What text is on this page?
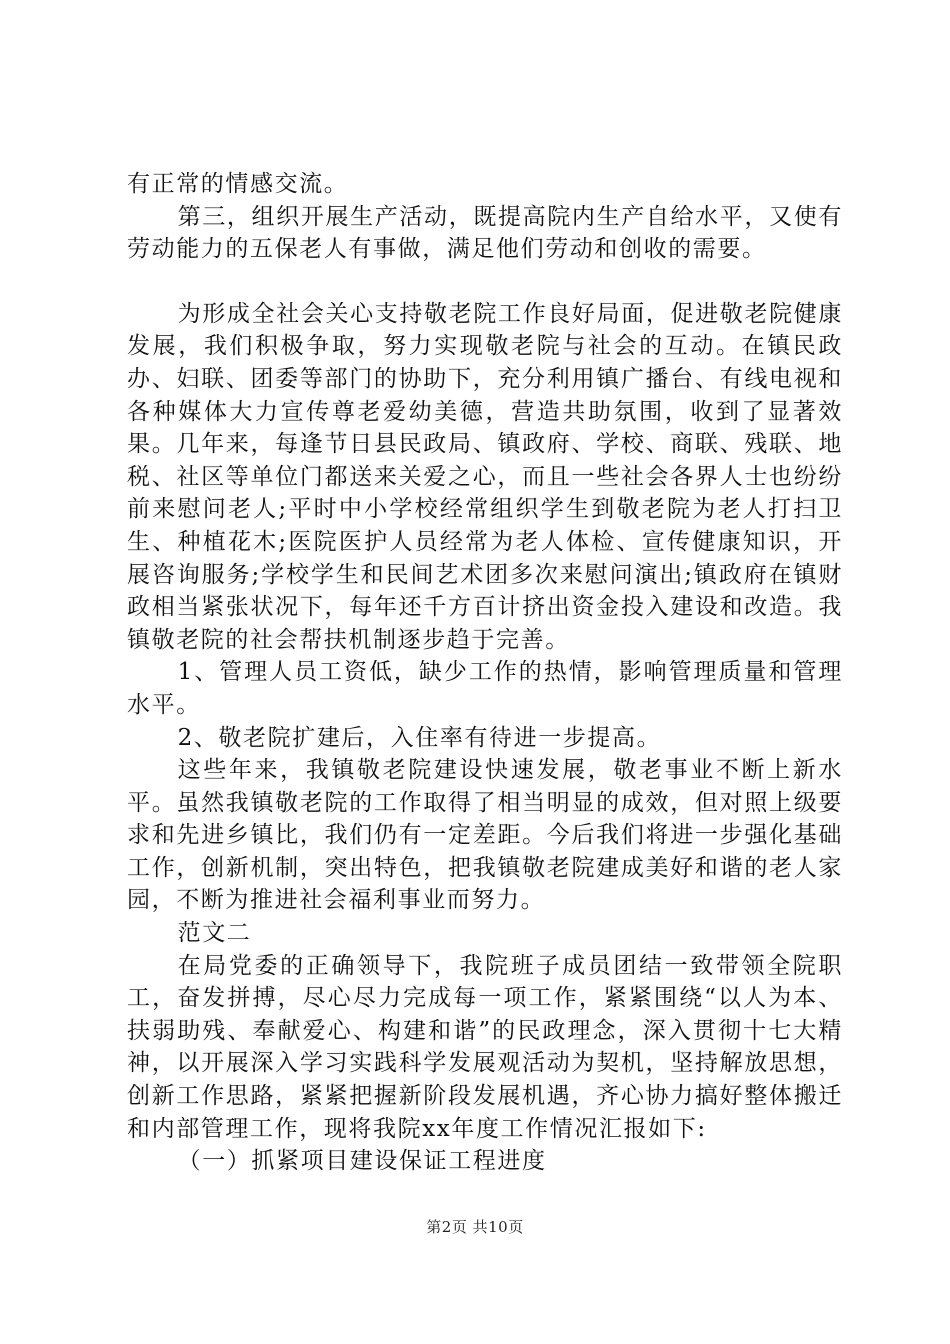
有正常的情感交流。

第三，组织开展生产活动，既提高院内生产自给水平，又使有劳动能力的五保老人有事做，满足他们劳动和创收的需要。

为形成全社会关心支持敬老院工作良好局面，促进敬老院健康发展，我们积极争取，努力实现敬老院与社会的互动。在镇民政办、妇联、团委等部门的协助下，充分利用镇广播台、有线电视和各种媒体大力宣传尊老爱幼美德，营造共助氛围，收到了显著效果。几年来，每逢节日县民政局、镇政府、学校、商联、残联、地税、社区等单位门都送来关爱之心，而且一些社会各界人士也纷纷前来慰问老人;平时中小学校经常组织学生到敬老院为老人打扫卫生、种植花木;医院医护人员经常为老人体检、宣传健康知识，开展咨询服务;学校学生和民间艺术团多次来慰问演出;镇政府在镇财政相当紧张状况下，每年还千方百计挤出资金投入建设和改造。我镇敬老院的社会帮扶机制逐步趋于完善。

1、管理人员工资低，缺少工作的热情，影响管理质量和管理水平。

2、敬老院扩建后，入住率有待进一步提高。

这些年来，我镇敬老院建设快速发展，敬老事业不断上新水平。虽然我镇敬老院的工作取得了相当明显的成效，但对照上级要求和先进乡镇比，我们仍有一定差距。今后我们将进一步强化基础工作，创新机制，突出特色，把我镇敬老院建成美好和谐的老人家园，不断为推进社会福利事业而努力。

范文二

在局党委的正确领导下，我院班子成员团结一致带领全院职工，奋发拼搏，尽心尽力完成每一项工作，紧紧围绕“以人为本、扶弱助残、奉献爱心、构建和谐”的民政理念，深入贯彻十七大精神，以开展深入学习实践科学发展观活动为契机，坚持解放思想，创新工作思路，紧紧把握新阶段发展机遇，齐心协力搞好整体搬迁和内部管理工作，现将我院xx年度工作情况汇报如下:

（一）抓紧项目建设保证工程进度

第2页 共10页
